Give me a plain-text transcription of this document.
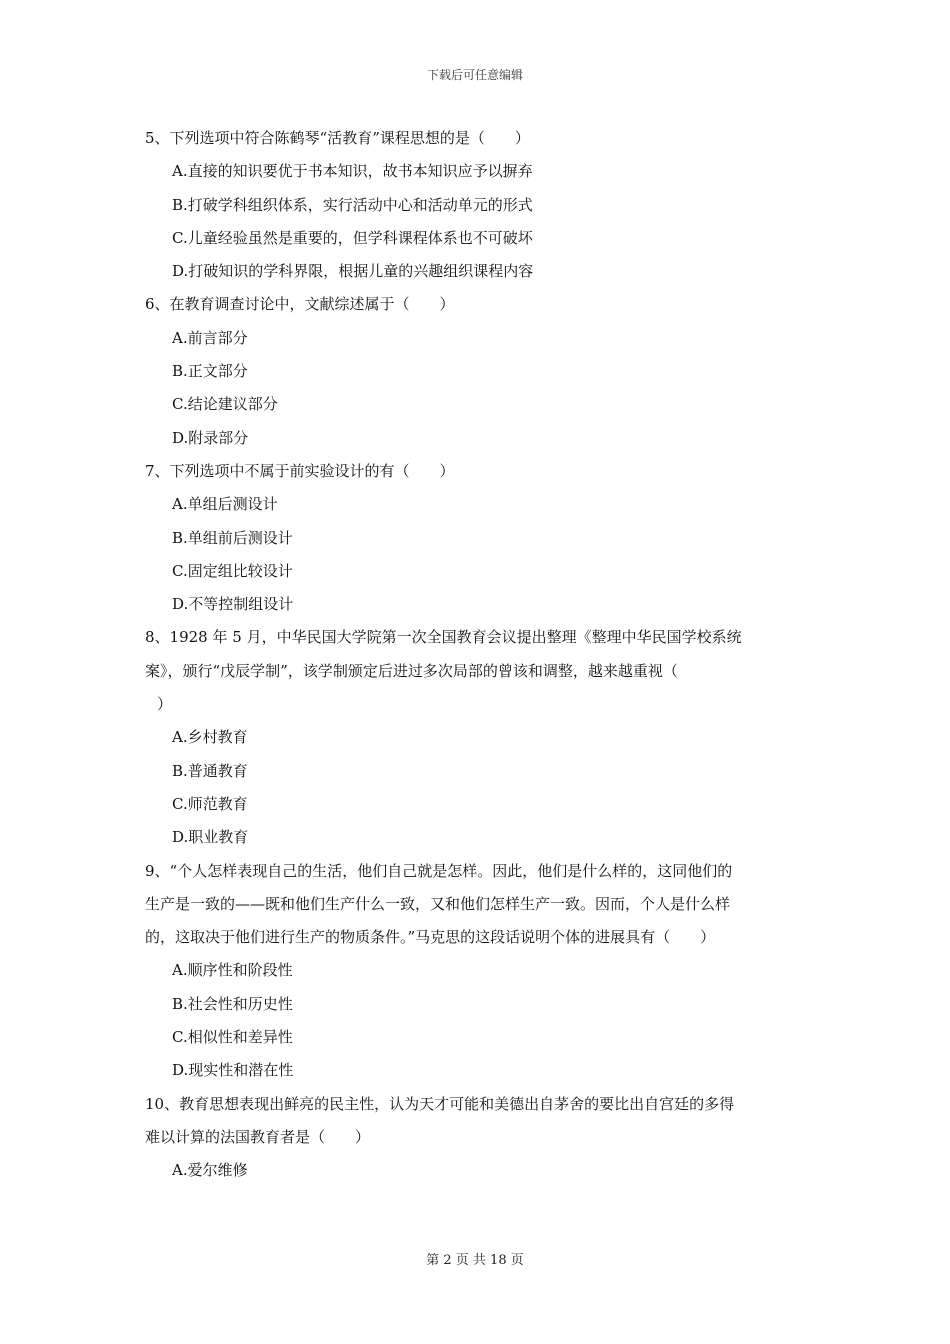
下载后可任意编辑
5、下列选项中符合陈鹤琴“活教育”课程思想的是（　　）
A.直接的知识要优于书本知识，故书本知识应予以摒弃
B.打破学科组织体系，实行活动中心和活动单元的形式
C.儿童经验虽然是重要的，但学科课程体系也不可破坏
D.打破知识的学科界限，根据儿童的兴趣组织课程内容
6、在教育调查讨论中，文献综述属于（　　）
A.前言部分
B.正文部分
C.结论建议部分
D.附录部分
7、下列选项中不属于前实验设计的有（　　）
A.单组后测设计
B.单组前后测设计
C.固定组比较设计
D.不等控制组设计
8、1928 年 5 月，中华民国大学院第一次全国教育会议提出整理《整理中华民国学校系统
案》，颁行“戊辰学制”，该学制颁定后进过多次局部的曾该和调整，越来越重视（
）
A.乡村教育
B.普通教育
C.师范教育
D.职业教育
9、“个人怎样表现自己的生活，他们自己就是怎样。因此，他们是什么样的，这同他们的
生产是一致的——既和他们生产什么一致，又和他们怎样生产一致。因而，个人是什么样
的，这取决于他们进行生产的物质条件。”马克思的这段话说明个体的进展具有（　　）
A.顺序性和阶段性
B.社会性和历史性
C.相似性和差异性
D.现实性和潜在性
10、教育思想表现出鲜亮的民主性，认为天才可能和美德出自茅舍的要比出自宫廷的多得
难以计算的法国教育者是（　　）
A.爱尔维修
第 2 页 共 18 页
